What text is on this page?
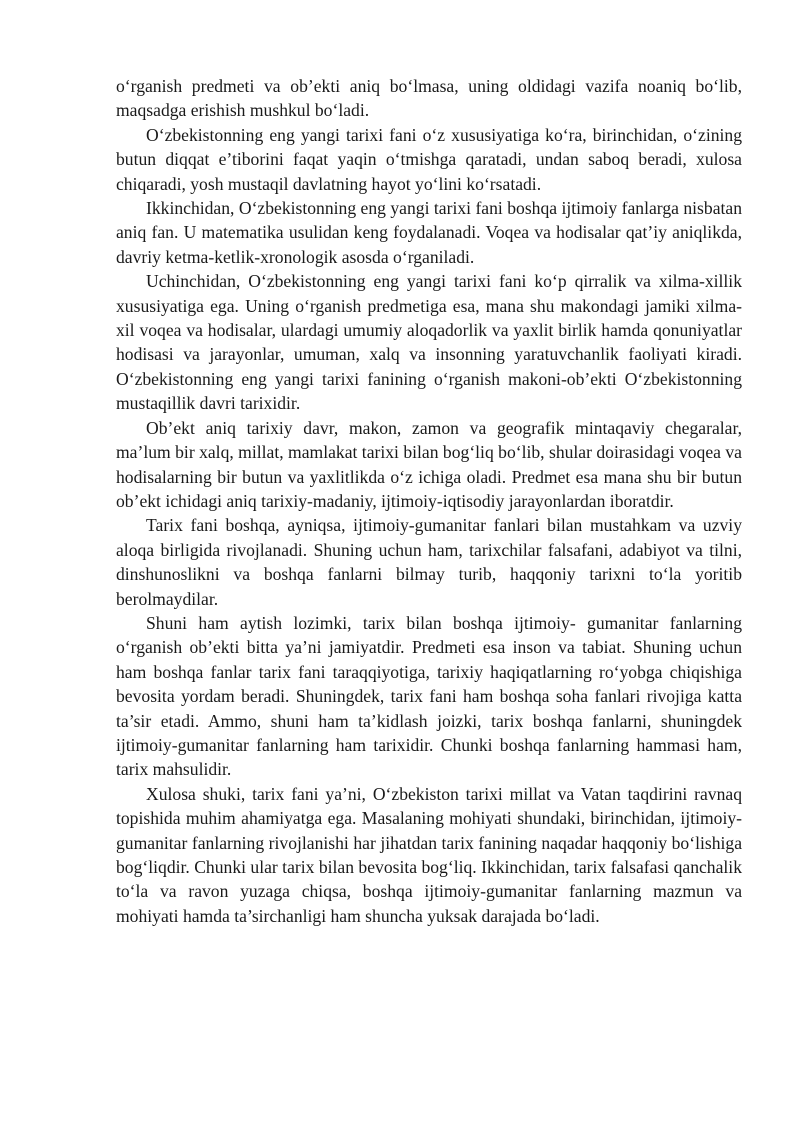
o‘rganish predmeti va ob’ekti aniq bo‘lmasa, uning oldidagi vazifa noaniq bo‘lib, maqsadga erishish mushkul bo‘ladi.

O‘zbekistonning eng yangi tarixi fani o‘z xususiyatiga ko‘ra, birinchidan, o‘zining butun diqqat e’tiborini faqat yaqin o‘tmishga qaratadi, undan saboq beradi, xulosa chiqaradi, yosh mustaqil davlatning hayot yo‘lini ko‘rsatadi.

Ikkinchidan, O‘zbekistonning eng yangi tarixi fani boshqa ijtimoiy fanlarga nisbatan aniq fan. U matematika usulidan keng foydalanadi. Voqea va hodisalar qat’iy aniqlikda, davriy ketma-ketlik-xronologik asosda o‘rganiladi.

Uchinchidan, O‘zbekistonning eng yangi tarixi fani ko‘p qirralik va xilma-xillik xususiyatiga ega. Uning o‘rganish predmetiga esa, mana shu makondagi jamiki xilma-xil voqea va hodisalar, ulardagi umumiy aloqadorlik va yaxlit birlik hamda qonuniyatlar hodisasi va jarayonlar, umuman, xalq va insonning yaratuvchanlik faoliyati kiradi. O‘zbekistonning eng yangi tarixi fanining o‘rganish makoni-ob’ekti O‘zbekistonning mustaqillik davri tarixidir.

Ob’ekt aniq tarixiy davr, makon, zamon va geografik mintaqaviy chegaralar, ma’lum bir xalq, millat, mamlakat tarixi bilan bog‘liq bo‘lib, shular doirasidagi voqea va hodisalarning bir butun va yaxlitlikda o‘z ichiga oladi. Predmet esa mana shu bir butun ob’ekt ichidagi aniq tarixiy-madaniy, ijtimoiy-iqtisodiy jarayonlardan iboratdir.

Tarix fani boshqa, ayniqsa, ijtimoiy-gumanitar fanlari bilan mustahkam va uzviy aloqa birligida rivojlanadi. Shuning uchun ham, tarixchilar falsafani, adabiyot va tilni, dinshunoslikni va boshqa fanlarni bilmay turib, haqqoniy tarixni to‘la yoritib berolmaydilar.

Shuni ham aytish lozimki, tarix bilan boshqa ijtimoiy- gumanitar fanlarning o‘rganish ob’ekti bitta ya’ni jamiyatdir. Predmeti esa inson va tabiat. Shuning uchun ham boshqa fanlar tarix fani taraqqiyotiga, tarixiy haqiqatlarning ro‘yobga chiqishiga bevosita yordam beradi. Shuningdek, tarix fani ham boshqa soha fanlari rivojiga katta ta’sir etadi. Ammo, shuni ham ta’kidlash joizki, tarix boshqa fanlarni, shuningdek ijtimoiy-gumanitar fanlarning ham tarixidir. Chunki boshqa fanlarning hammasi ham, tarix mahsulidir.

Xulosa shuki, tarix fani ya’ni, O‘zbekiston tarixi millat va Vatan taqdirini ravnaq topishida muhim ahamiyatga ega. Masalaning mohiyati shundaki, birinchidan, ijtimoiy-gumanitar fanlarning rivojlanishi har jihatdan tarix fanining naqadar haqqoniy bo‘lishiga bog‘liqdir. Chunki ular tarix bilan bevosita bog‘liq. Ikkinchidan, tarix falsafasi qanchalik to‘la va ravon yuzaga chiqsa, boshqa ijtimoiy-gumanitar fanlarning mazmun va mohiyati hamda ta’sirchanligi ham shuncha yuksak darajada bo‘ladi.
